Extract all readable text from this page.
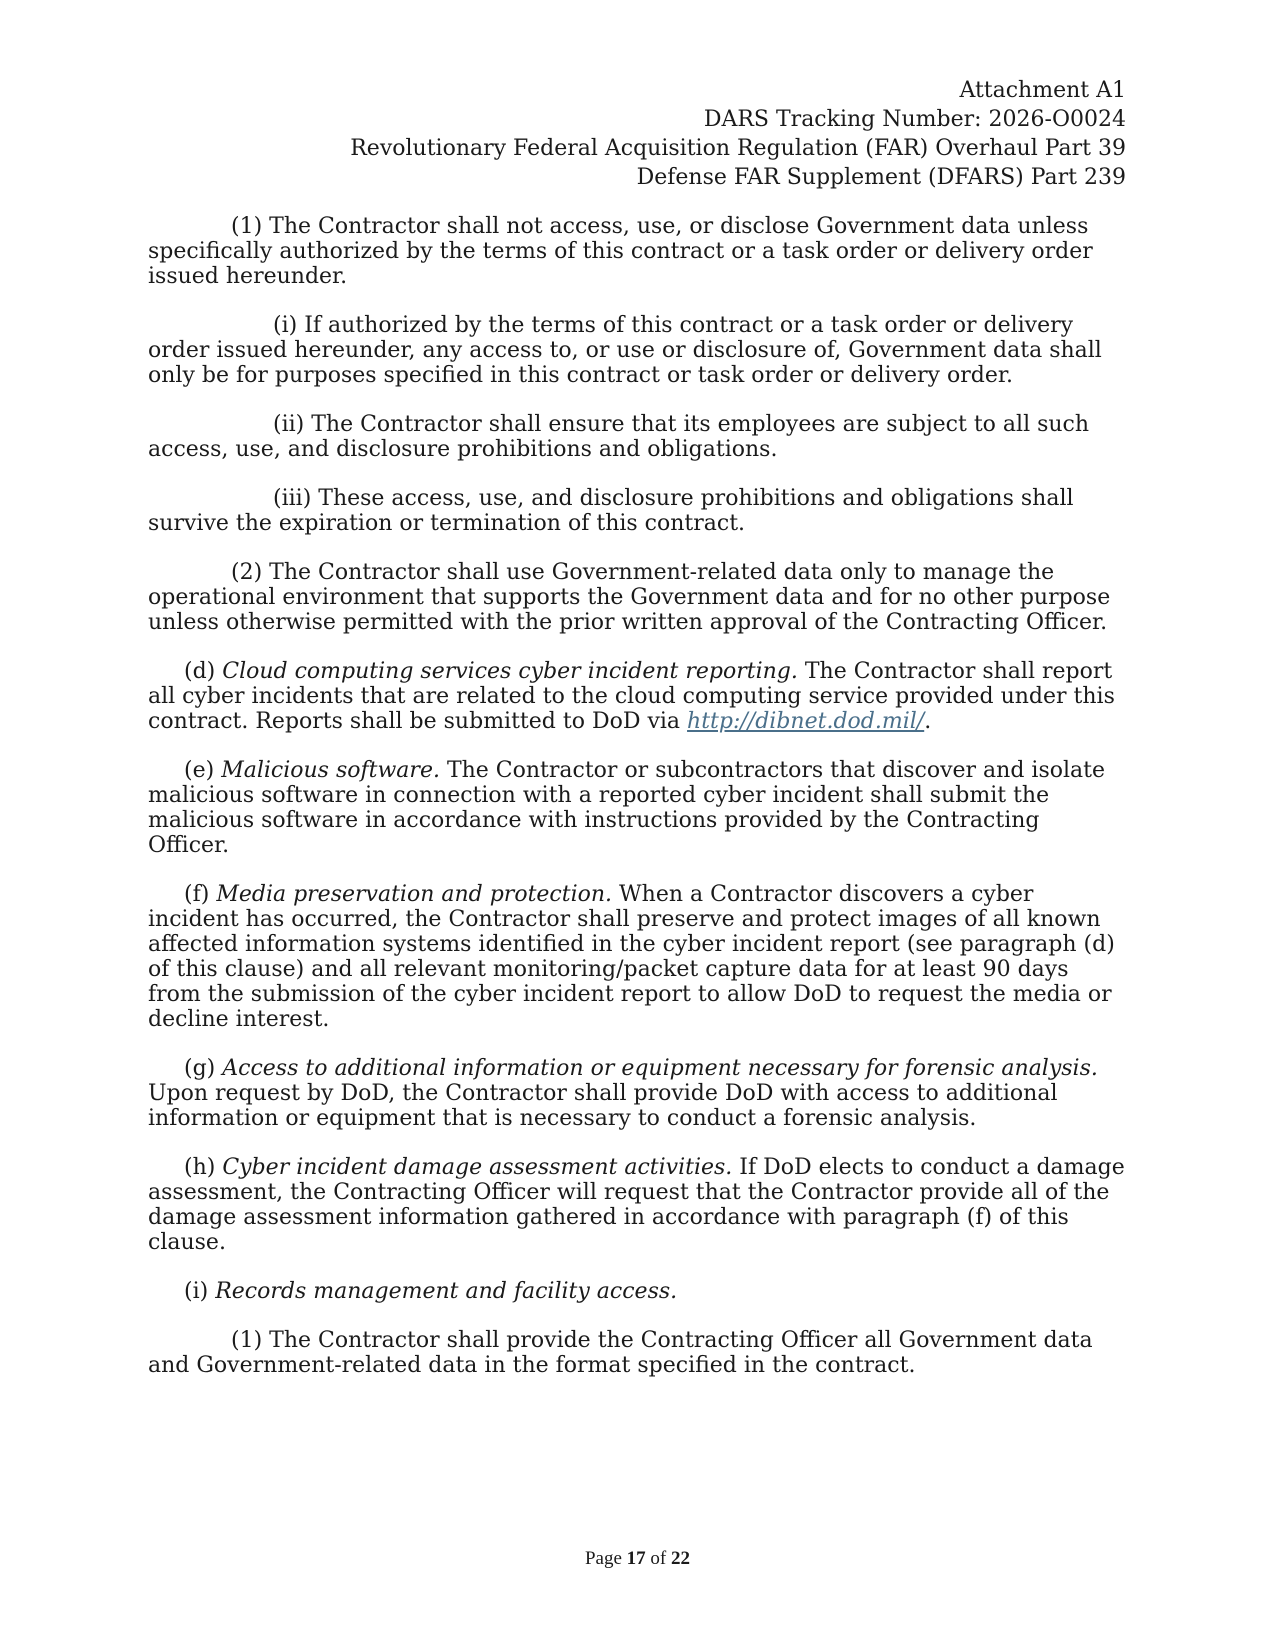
Attachment A1
DARS Tracking Number: 2026-O0024
Revolutionary Federal Acquisition Regulation (FAR) Overhaul Part 39
Defense FAR Supplement (DFARS) Part 239

(1) The Contractor shall not access, use, or disclose Government data unless specifically authorized by the terms of this contract or a task order or delivery order issued hereunder.

(i) If authorized by the terms of this contract or a task order or delivery order issued hereunder, any access to, or use or disclosure of, Government data shall only be for purposes specified in this contract or task order or delivery order.

(ii) The Contractor shall ensure that its employees are subject to all such access, use, and disclosure prohibitions and obligations.

(iii) These access, use, and disclosure prohibitions and obligations shall survive the expiration or termination of this contract.

(2) The Contractor shall use Government-related data only to manage the operational environment that supports the Government data and for no other purpose unless otherwise permitted with the prior written approval of the Contracting Officer.

(d) Cloud computing services cyber incident reporting. The Contractor shall report all cyber incidents that are related to the cloud computing service provided under this contract. Reports shall be submitted to DoD via http://dibnet.dod.mil/.

(e) Malicious software. The Contractor or subcontractors that discover and isolate malicious software in connection with a reported cyber incident shall submit the malicious software in accordance with instructions provided by the Contracting Officer.

(f) Media preservation and protection. When a Contractor discovers a cyber incident has occurred, the Contractor shall preserve and protect images of all known affected information systems identified in the cyber incident report (see paragraph (d) of this clause) and all relevant monitoring/packet capture data for at least 90 days from the submission of the cyber incident report to allow DoD to request the media or decline interest.

(g) Access to additional information or equipment necessary for forensic analysis. Upon request by DoD, the Contractor shall provide DoD with access to additional information or equipment that is necessary to conduct a forensic analysis.

(h) Cyber incident damage assessment activities. If DoD elects to conduct a damage assessment, the Contracting Officer will request that the Contractor provide all of the damage assessment information gathered in accordance with paragraph (f) of this clause.

(i) Records management and facility access.

(1) The Contractor shall provide the Contracting Officer all Government data and Government-related data in the format specified in the contract.

Page 17 of 22
